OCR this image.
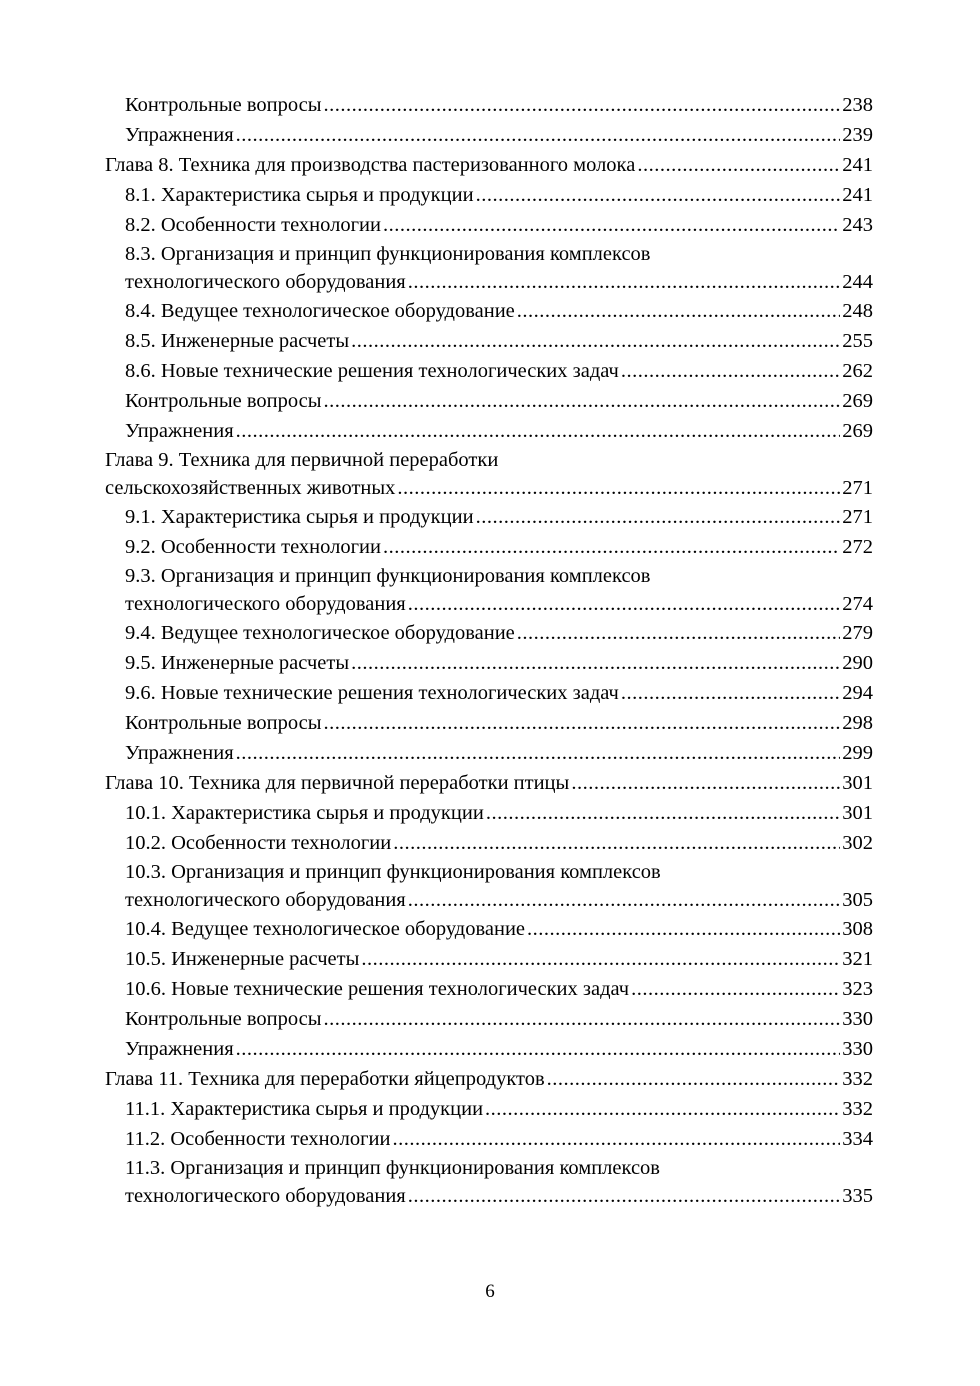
Контрольные вопросы .....	238
Упражнения .....	239
Глава 8. Техника для производства пастеризованного молока .....	241
8.1. Характеристика сырья и продукции .....	241
8.2. Особенности технологии .....	243
8.3. Организация и принцип функционирования комплексов
технологического оборудования .....	244
8.4. Ведущее технологическое оборудование .....	248
8.5. Инженерные расчеты .....	255
8.6. Новые технические решения технологических задач .....	262
Контрольные вопросы .....	269
Упражнения .....	269
Глава 9. Техника для первичной переработки
сельскохозяйственных животных .....	271
9.1. Характеристика сырья и продукции .....	271
9.2. Особенности технологии .....	272
9.3. Организация и принцип функционирования комплексов
технологического оборудования .....	274
9.4. Ведущее технологическое оборудование .....	279
9.5. Инженерные расчеты .....	290
9.6. Новые технические решения технологических задач .....	294
Контрольные вопросы .....	298
Упражнения .....	299
Глава 10. Техника для первичной переработки птицы .....	301
10.1. Характеристика сырья и продукции .....	301
10.2. Особенности технологии .....	302
10.3. Организация и принцип функционирования комплексов
технологического оборудования .....	305
10.4. Ведущее технологическое оборудование .....	308
10.5. Инженерные расчеты .....	321
10.6. Новые технические решения технологических задач .....	323
Контрольные вопросы .....	330
Упражнения .....	330
Глава 11. Техника для переработки яйцепродуктов .....	332
11.1. Характеристика сырья и продукции .....	332
11.2. Особенности технологии .....	334
11.3. Организация и принцип функционирования комплексов
технологического оборудования .....	335
6
